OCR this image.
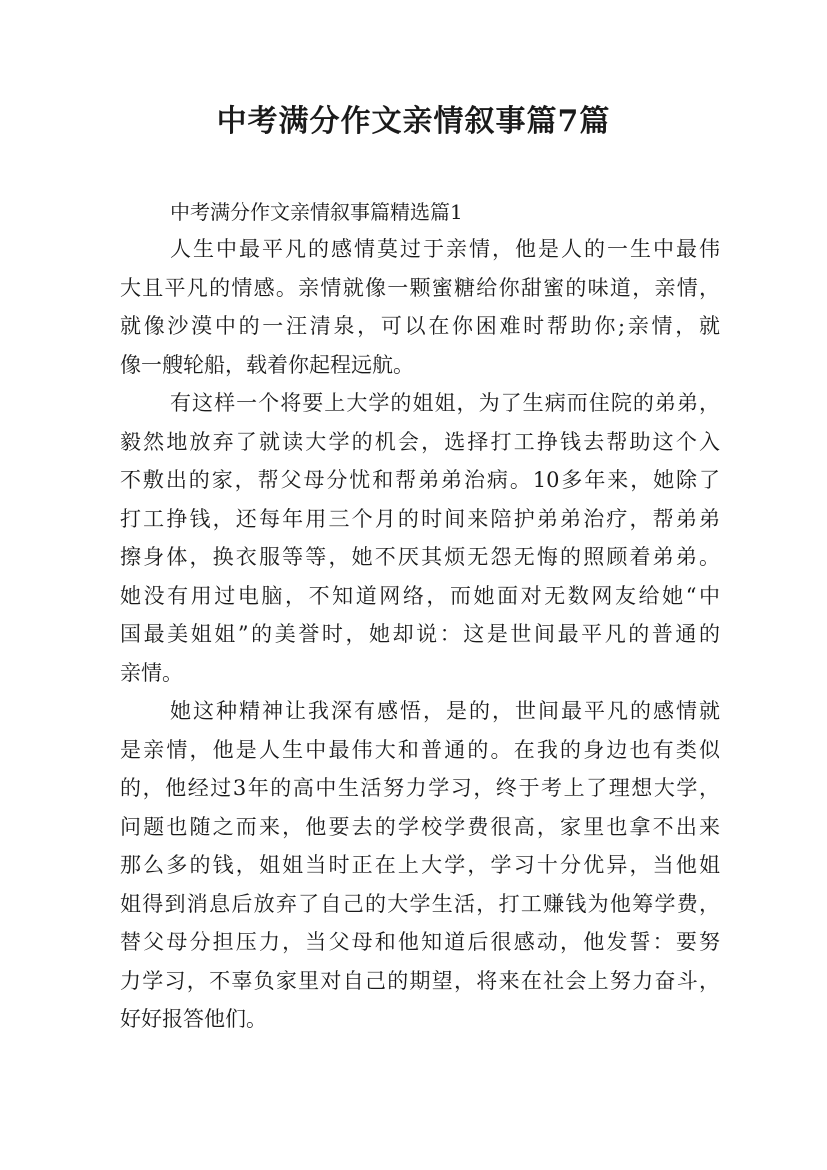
中考满分作文亲情叙事篇7篇
中考满分作文亲情叙事篇精选篇1
人生中最平凡的感情莫过于亲情，他是人的一生中最伟
大且平凡的情感。亲情就像一颗蜜糖给你甜蜜的味道，亲情，
就像沙漠中的一汪清泉，可以在你困难时帮助你;亲情，就
像一艘轮船，载着你起程远航。
有这样一个将要上大学的姐姐，为了生病而住院的弟弟，
毅然地放弃了就读大学的机会，选择打工挣钱去帮助这个入
不敷出的家，帮父母分忧和帮弟弟治病。10多年来，她除了
打工挣钱，还每年用三个月的时间来陪护弟弟治疗，帮弟弟
擦身体，换衣服等等，她不厌其烦无怨无悔的照顾着弟弟。
她没有用过电脑，不知道网络，而她面对无数网友给她“中
国最美姐姐”的美誉时，她却说：这是世间最平凡的普通的
亲情。
她这种精神让我深有感悟，是的，世间最平凡的感情就
是亲情，他是人生中最伟大和普通的。在我的身边也有类似
的，他经过3年的高中生活努力学习，终于考上了理想大学，
问题也随之而来，他要去的学校学费很高，家里也拿不出来
那么多的钱，姐姐当时正在上大学，学习十分优异，当他姐
姐得到消息后放弃了自己的大学生活，打工赚钱为他筹学费，
替父母分担压力，当父母和他知道后很感动，他发誓：要努
力学习，不辜负家里对自己的期望，将来在社会上努力奋斗，
好好报答他们。
